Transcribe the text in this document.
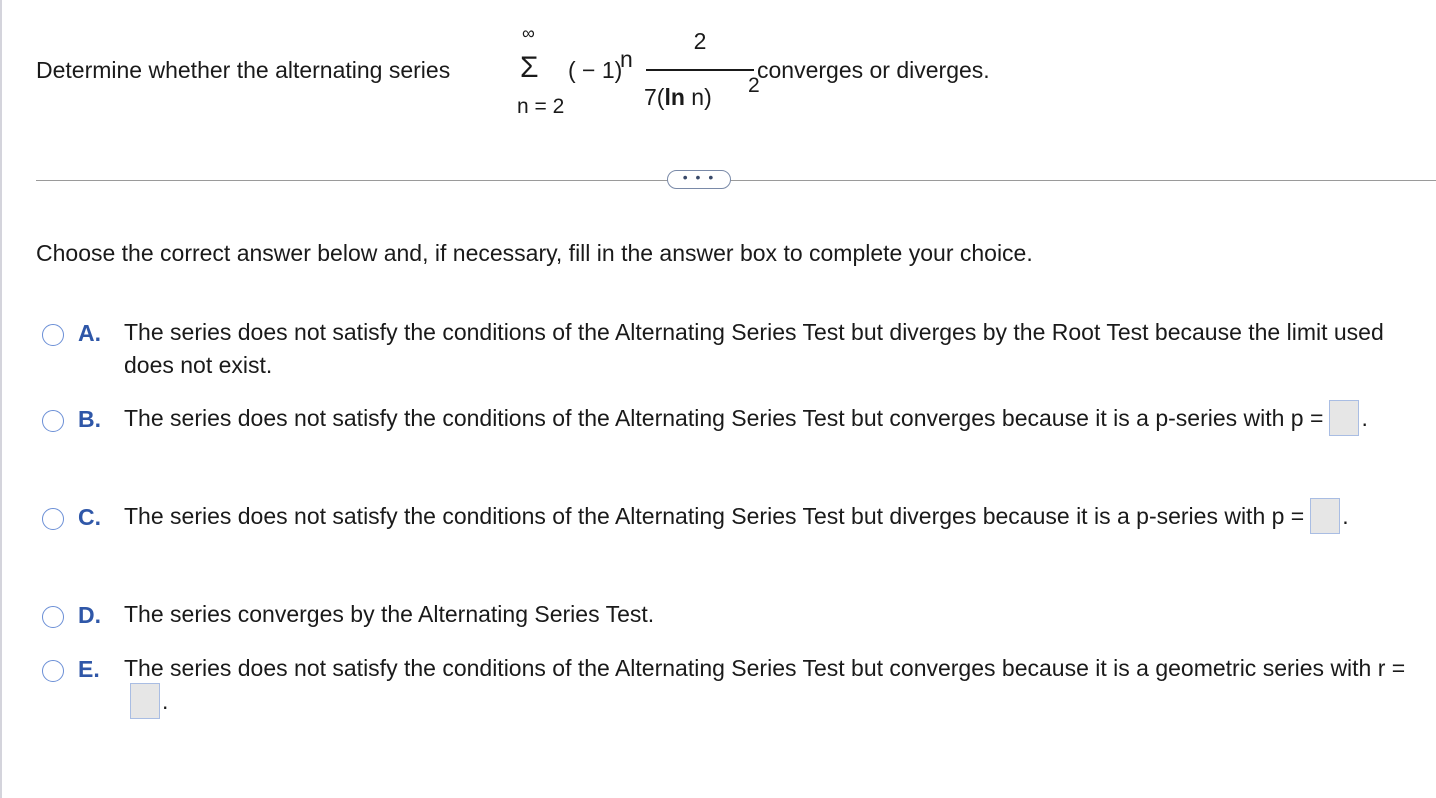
Determine whether the alternating series
∞
Σ
n = 2
( − 1)
n
2
7(ln n) 2
converges or diverges.
• • •
Choose the correct answer below and, if necessary, fill in the answer box to complete your choice.
A. The series does not satisfy the conditions of the Alternating Series Test but diverges by the Root Test because the limit used does not exist.
B. The series does not satisfy the conditions of the Alternating Series Test but converges because it is a p-series with p = .
C. The series does not satisfy the conditions of the Alternating Series Test but diverges because it is a p-series with p = .
D. The series converges by the Alternating Series Test.
E. The series does not satisfy the conditions of the Alternating Series Test but converges because it is a geometric series with r =.
